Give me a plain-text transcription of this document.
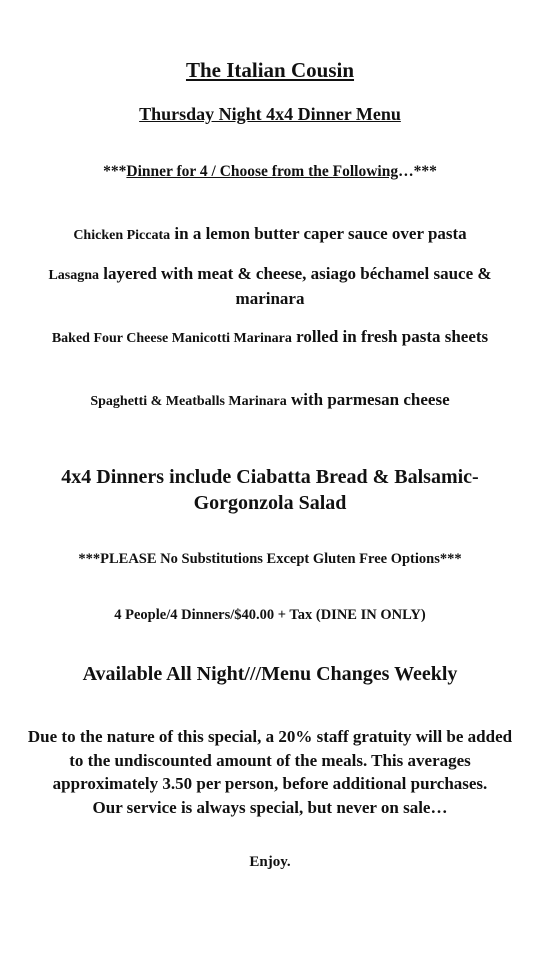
The Italian Cousin

Thursday Night 4x4 Dinner Menu

***Dinner for 4 / Choose from the Following…***

Chicken Piccata in a lemon butter caper sauce over pasta

Lasagna layered with meat & cheese, asiago béchamel sauce & marinara

Baked Four Cheese Manicotti Marinara rolled in fresh pasta sheets

Spaghetti & Meatballs Marinara with parmesan cheese

4x4 Dinners include Ciabatta Bread & Balsamic-Gorgonzola Salad

***PLEASE No Substitutions Except Gluten Free Options***

4 People/4 Dinners/$40.00 + Tax (DINE IN ONLY)

Available All Night///Menu Changes Weekly

Due to the nature of this special, a 20% staff gratuity will be added to the undiscounted amount of the meals. This averages approximately 3.50 per person, before additional purchases.
Our service is always special, but never on sale…

Enjoy.
